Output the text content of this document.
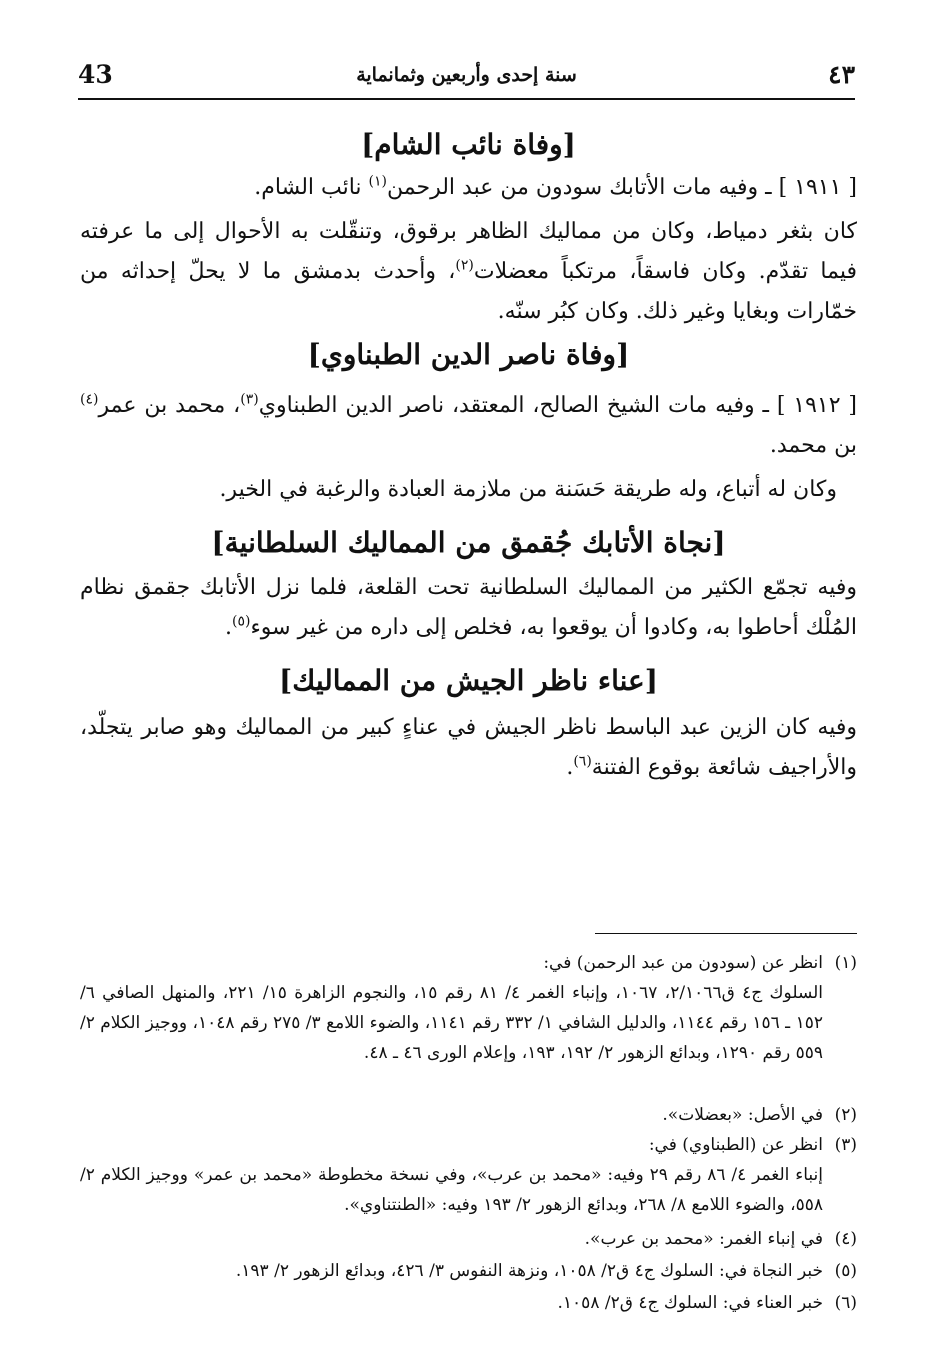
٤٣
سنة إحدى وأربعين وثمانماية
43
[وفاة نائب الشام]
[ ١٩١١ ] ـ وفيه مات الأتابك سودون من عبد الرحمن$^{(١)}$ نائب الشام.
كان بثغر دمياط، وكان من مماليك الظاهر برقوق، وتنقّلت به الأحوال إلى ما عرفته فيما تقدّم. وكان فاسقاً، مرتكباً معضلات$^{(٢)}$، وأحدث بدمشق ما لا يحلّ إحداثه من خمّارات وبغايا وغير ذلك. وكان كبُر سنّه.
[وفاة ناصر الدين الطبناوي]
[ ١٩١٢ ] ـ وفيه مات الشيخ الصالح، المعتقد، ناصر الدين الطبناوي$^{(٣)}$، محمد بن عمر$^{(٤)}$ بن محمد.
وكان له أتباع، وله طريقة حَسَنة من ملازمة العبادة والرغبة في الخير.
[نجاة الأتابك جُقمق من المماليك السلطانية]
وفيه تجمّع الكثير من المماليك السلطانية تحت القلعة، فلما نزل الأتابك جقمق نظام المُلْك أحاطوا به، وكادوا أن يوقعوا به، فخلص إلى داره من غير سوء$^{(٥)}$.
[عناء ناظر الجيش من المماليك]
وفيه كان الزين عبد الباسط ناظر الجيش في عناءٍ كبير من المماليك وهو صابر يتجلّد، والأراجيف شائعة بوقوع الفتنة$^{(٦)}$.
(١)انظر عن (سودون من عبد الرحمن) في:
السلوك ج٤ ق٢/١٠٦٦، ١٠٦٧، وإنباء الغمر ٤/ ٨١ رقم ١٥، والنجوم الزاهرة ١٥/ ٢٢١، والمنهل الصافي ٦/ ١٥٢ ـ ١٥٦ رقم ١١٤٤، والدليل الشافي ١/ ٣٣٢ رقم ١١٤١، والضوء اللامع ٣/ ٢٧٥ رقم ١٠٤٨، ووجيز الكلام ٢/ ٥٥٩ رقم ١٢٩٠، وبدائع الزهور ٢/ ١٩٢، ١٩٣، وإعلام الورى ٤٦ ـ ٤٨.
(٢)في الأصل: «بعضلات».
(٣)انظر عن (الطبناوي) في:
إنباء الغمر ٤/ ٨٦ رقم ٢٩ وفيه: «محمد بن عرب»، وفي نسخة مخطوطة «محمد بن عمر» ووجيز الكلام ٢/ ٥٥٨، والضوء اللامع ٨/ ٢٦٨، وبدائع الزهور ٢/ ١٩٣ وفيه: «الطنتناوي».
(٤)في إنباء الغمر: «محمد بن عرب».
(٥)خبر النجاة في: السلوك ج٤ ق٢/ ١٠٥٨، ونزهة النفوس ٣/ ٤٢٦، وبدائع الزهور ٢/ ١٩٣.
(٦)خبر العناء في: السلوك ج٤ ق٢/ ١٠٥٨.
